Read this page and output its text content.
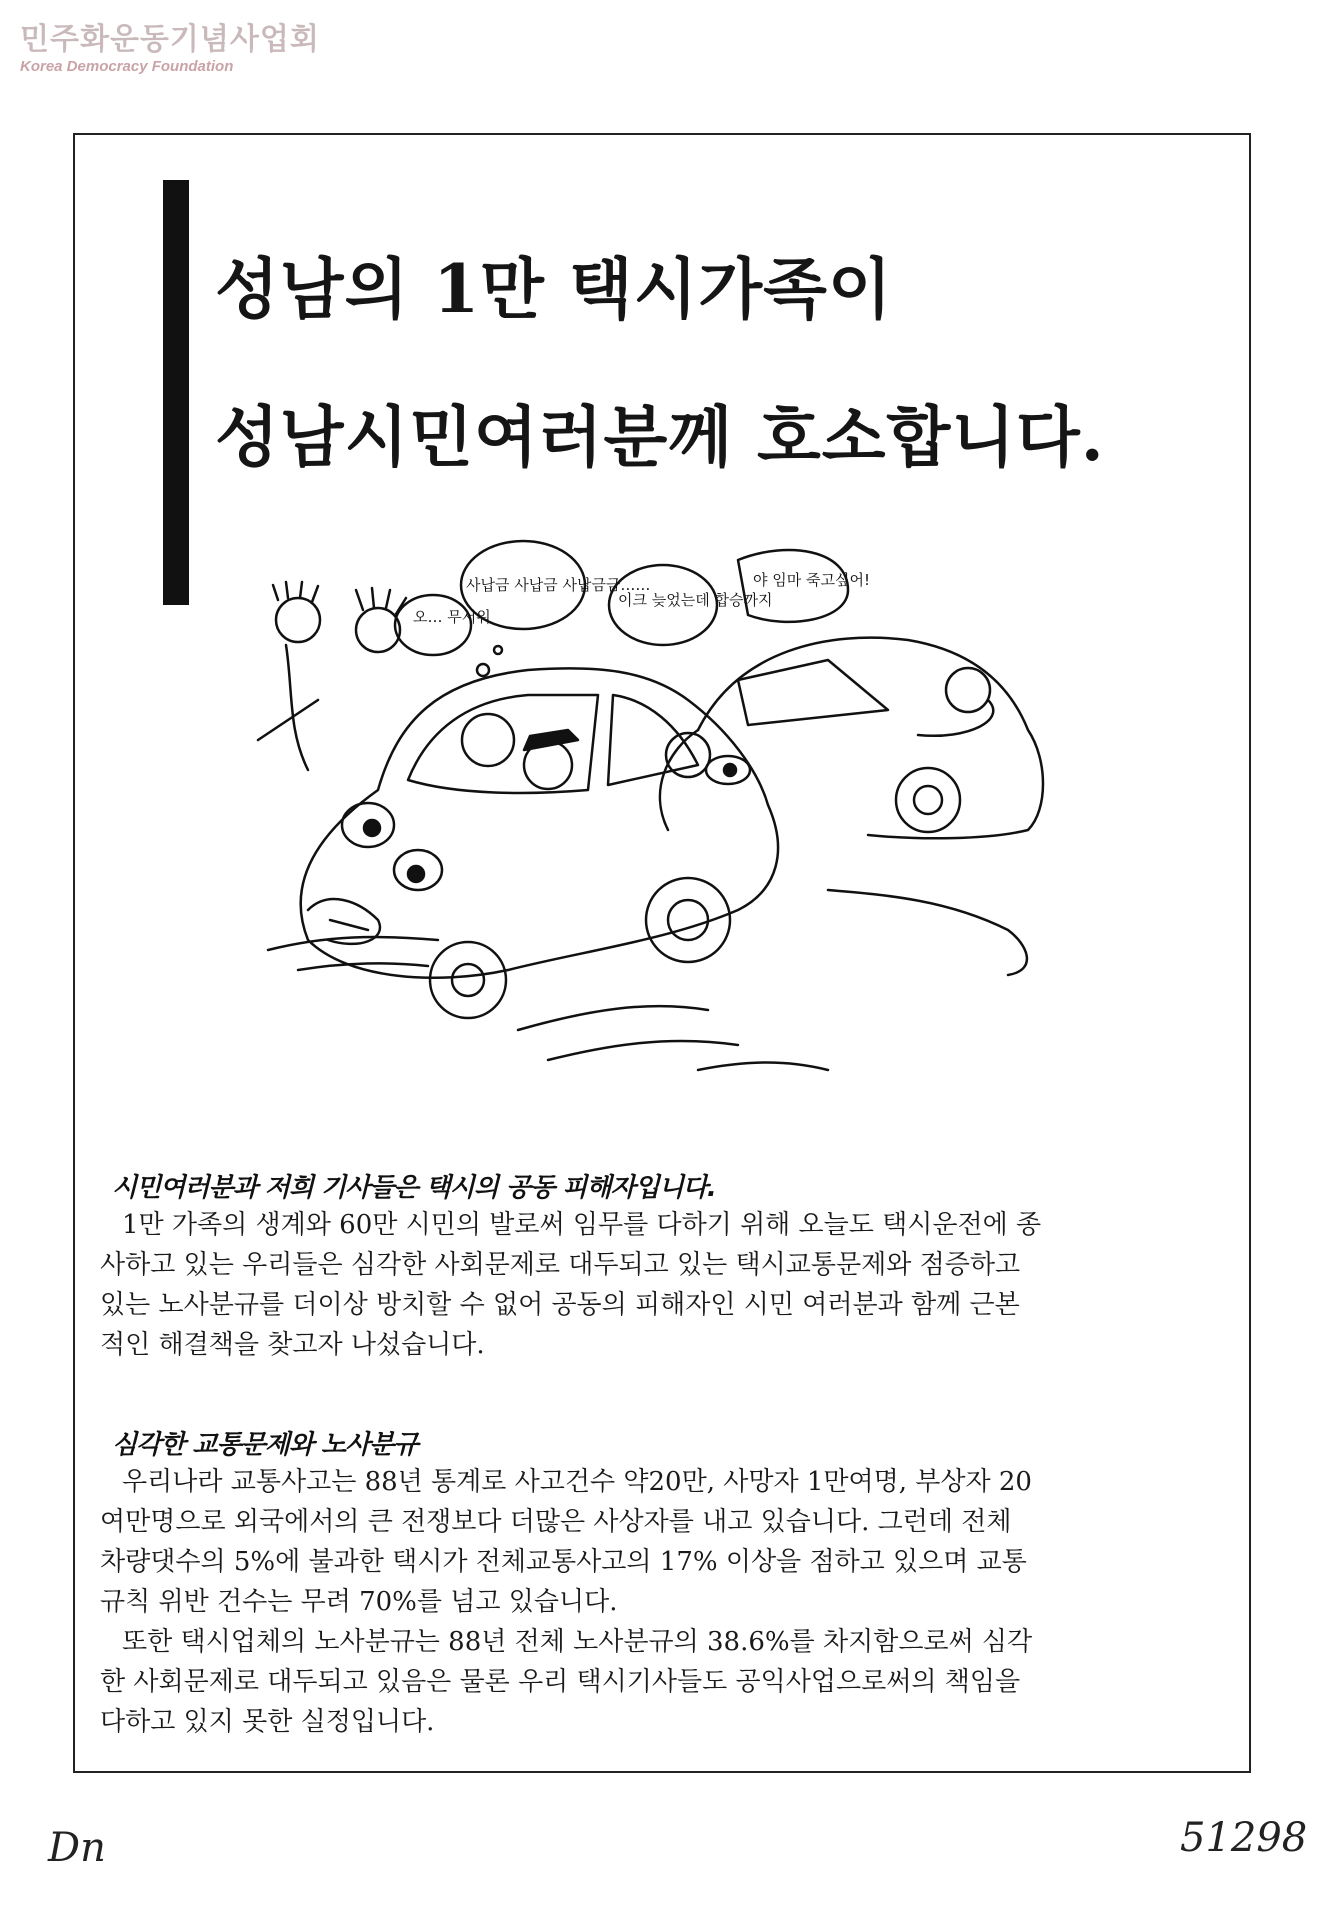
민주화운동기념사업회
Korea Democracy Foundation
성남의 1만 택시가족이
성남시민여러분께 호소합니다.
오… 무서워
사납금 사납금 사납금금……
이크 늦었는데 합승까지
야 임마 죽고싶어!
시민여러분과 저희 기사들은 택시의 공동 피해자입니다.

1만 가족의 생계와 60만 시민의 발로써 임무를 다하기 위해 오늘도 택시운전에 종

사하고 있는 우리들은 심각한 사회문제로 대두되고 있는 택시교통문제와 점증하고

있는 노사분규를 더이상 방치할 수 없어 공동의 피해자인 시민 여러분과 함께 근본

적인 해결책을 찾고자 나섰습니다.

심각한 교통문제와 노사분규

우리나라 교통사고는 88년 통계로 사고건수 약20만, 사망자 1만여명, 부상자 20

여만명으로 외국에서의 큰 전쟁보다 더많은 사상자를 내고 있습니다. 그런데 전체

차량댓수의 5%에 불과한 택시가 전체교통사고의 17% 이상을 점하고 있으며 교통

규칙 위반 건수는 무려 70%를 넘고 있습니다.

또한 택시업체의 노사분규는 88년 전체 노사분규의 38.6%를 차지함으로써 심각

한 사회문제로 대두되고 있음은 물론 우리 택시기사들도 공익사업으로써의 책임을

다하고 있지 못한 실정입니다.

Dn	51298
